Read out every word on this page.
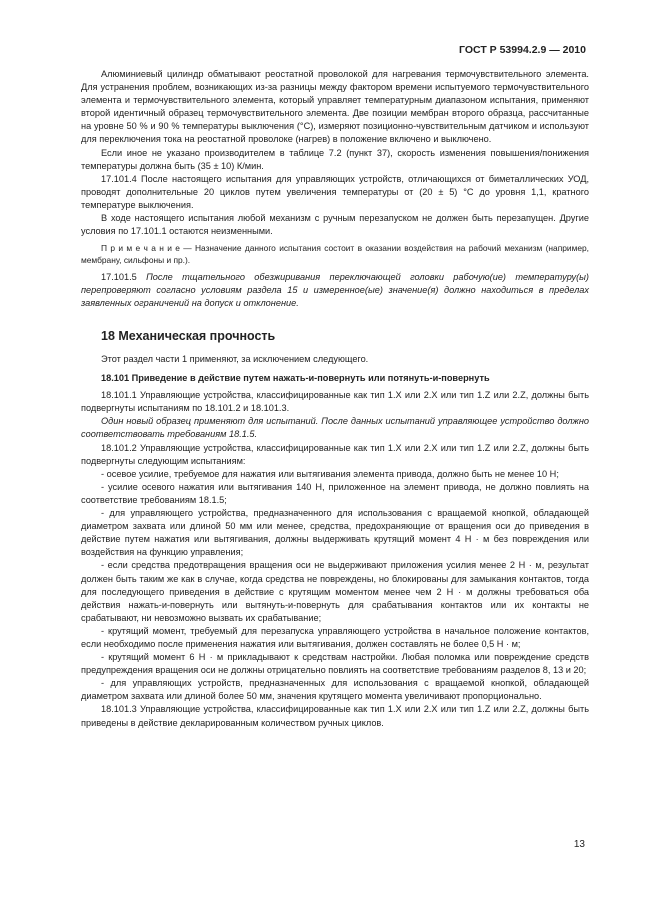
ГОСТ Р 53994.2.9 — 2010

Алюминиевый цилиндр обматывают реостатной проволокой для нагревания термочувствительного элемента. Для устранения проблем, возникающих из-за разницы между фактором времени испытуемого термочувствительного элемента и термочувствительного элемента, который управляет температурным диапазоном испытания, применяют второй идентичный образец термочувствительного элемента. Две позиции мембран второго образца, рассчитанные на уровне 50 % и 90 % температуры выключения (°С), измеряют позиционно-чувствительным датчиком и используют для переключения тока на реостатной проволоке (нагрев) в положение включено и выключено.

Если иное не указано производителем в таблице 7.2 (пункт 37), скорость изменения повышения/понижения температуры должна быть (35 ± 10) К/мин.

17.101.4 После настоящего испытания для управляющих устройств, отличающихся от биметаллических УОД, проводят дополнительные 20 циклов путем увеличения температуры от (20 ± 5) °С до уровня 1,1, кратного температуре выключения.

В ходе настоящего испытания любой механизм с ручным перезапуском не должен быть перезапущен. Другие условия по 17.101.1 остаются неизменными.

П р и м е ч а н и е — Назначение данного испытания состоит в оказании воздействия на рабочий механизм (например, мембрану, сильфоны и пр.).

17.101.5 После тщательного обезжиривания переключающей головки рабочую(ие) температуру(ы) перепроверяют согласно условиям раздела 15 и измеренное(ые) значение(я) должно находиться в пределах заявленных ограничений на допуск и отклонение.

18 Механическая прочность

Этот раздел части 1 применяют, за исключением следующего.

18.101 Приведение в действие путем нажать-и-повернуть или потянуть-и-повернуть

18.101.1 Управляющие устройства, классифицированные как тип 1.X или 2.X или тип 1.Z или 2.Z, должны быть подвергнуты испытаниям по 18.101.2 и 18.101.3.

Один новый образец применяют для испытаний. После данных испытаний управляющее устройство должно соответствовать требованиям 18.1.5.

18.101.2 Управляющие устройства, классифицированные как тип 1.X или 2.X или тип 1.Z или 2.Z, должны быть подвергнуты следующим испытаниям:

- осевое усилие, требуемое для нажатия или вытягивания элемента привода, должно быть не менее 10 Н;

- усилие осевого нажатия или вытягивания 140 Н, приложенное на элемент привода, не должно повлиять на соответствие требованиям 18.1.5;

- для управляющего устройства, предназначенного для использования с вращаемой кнопкой, обладающей диаметром захвата или длиной 50 мм или менее, средства, предохраняющие от вращения оси до приведения в действие путем нажатия или вытягивания, должны выдерживать крутящий момент 4 Н · м без повреждения или воздействия на функцию управления;

- если средства предотвращения вращения оси не выдерживают приложения усилия менее 2 Н · м, результат должен быть таким же как в случае, когда средства не повреждены, но блокированы для замыкания контактов, тогда для последующего приведения в действие с крутящим моментом менее чем 2 Н · м должны требоваться оба действия нажать-и-повернуть или вытянуть-и-повернуть для срабатывания контактов или их контакты не срабатывают, ни невозможно вызвать их срабатывание;

- крутящий момент, требуемый для перезапуска управляющего устройства в начальное положение контактов, если необходимо после применения нажатия или вытягивания, должен составлять не более 0,5 Н · м;

- крутящий момент 6 Н · м прикладывают к средствам настройки. Любая поломка или повреждение средств предупреждения вращения оси не должны отрицательно повлиять на соответствие требованиям разделов 8, 13 и 20;

- для управляющих устройств, предназначенных для использования с вращаемой кнопкой, обладающей диаметром захвата или длиной более 50 мм, значения крутящего момента увеличивают пропорционально.

18.101.3 Управляющие устройства, классифицированные как тип 1.X или 2.X или тип 1.Z или 2.Z, должны быть приведены в действие декларированным количеством ручных циклов.

13
